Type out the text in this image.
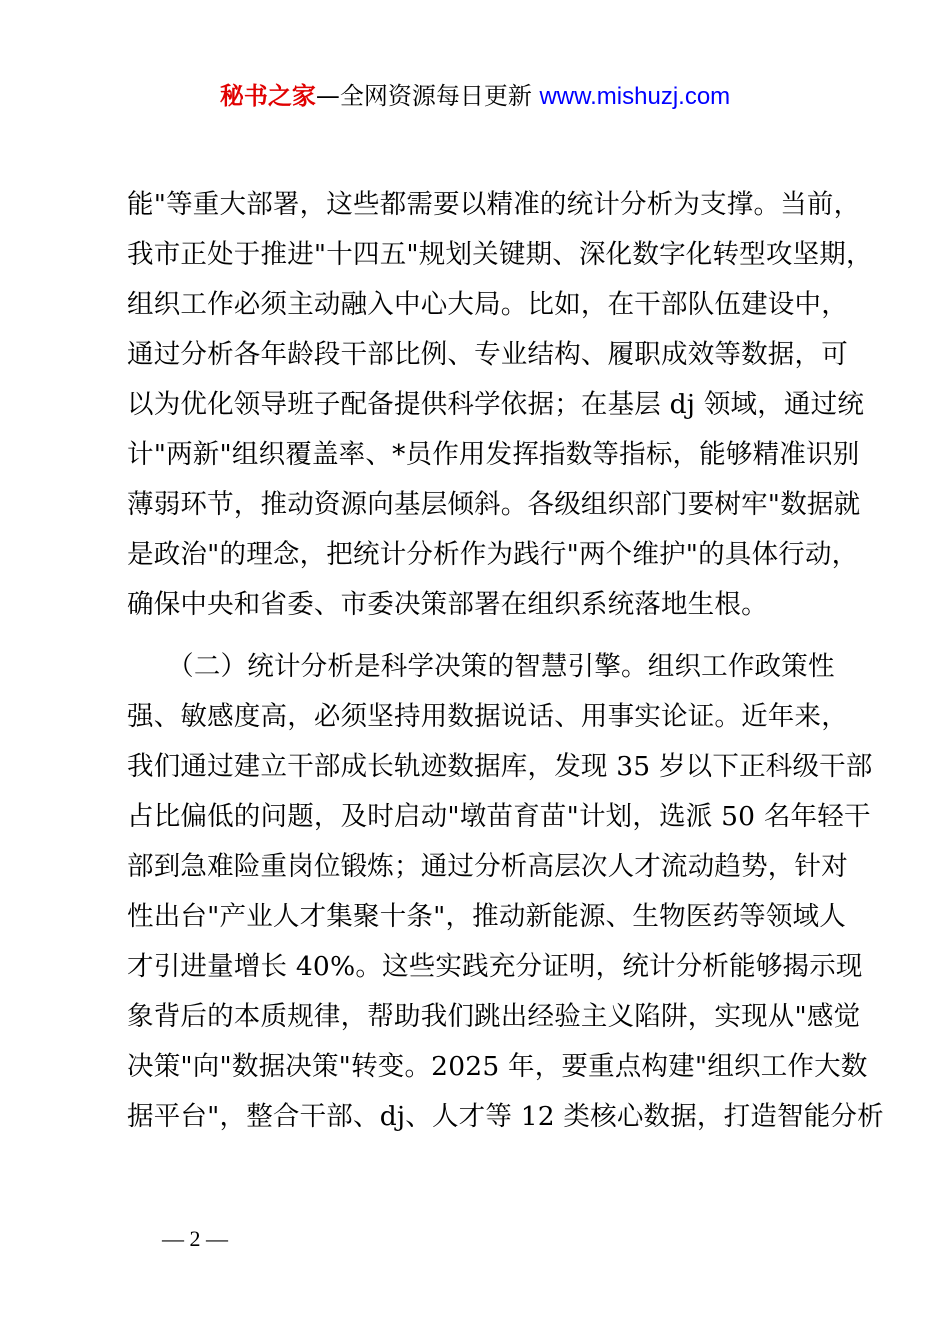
秘书之家—全网资源每日更新 www.mishuzj.com
能"等重大部署，这些都需要以精准的统计分析为支撑。当前，
我市正处于推进"十四五"规划关键期、深化数字化转型攻坚期，
组织工作必须主动融入中心大局。比如，在干部队伍建设中，
通过分析各年龄段干部比例、专业结构、履职成效等数据，可
以为优化领导班子配备提供科学依据；在基层 dj 领域，通过统
计"两新"组织覆盖率、*员作用发挥指数等指标，能够精准识别
薄弱环节，推动资源向基层倾斜。各级组织部门要树牢"数据就
是政治"的理念，把统计分析作为践行"两个维护"的具体行动，
确保中央和省委、市委决策部署在组织系统落地生根。
　　（二）统计分析是科学决策的智慧引擎。组织工作政策性
强、敏感度高，必须坚持用数据说话、用事实论证。近年来，
我们通过建立干部成长轨迹数据库，发现 35 岁以下正科级干部
占比偏低的问题，及时启动"墩苗育苗"计划，选派 50 名年轻干
部到急难险重岗位锻炼；通过分析高层次人才流动趋势，针对
性出台"产业人才集聚十条"，推动新能源、生物医药等领域人
才引进量增长 40%。这些实践充分证明，统计分析能够揭示现
象背后的本质规律，帮助我们跳出经验主义陷阱，实现从"感觉
决策"向"数据决策"转变。2025 年，要重点构建"组织工作大数
据平台"，整合干部、dj、人才等 12 类核心数据，打造智能分析
— 2 —
